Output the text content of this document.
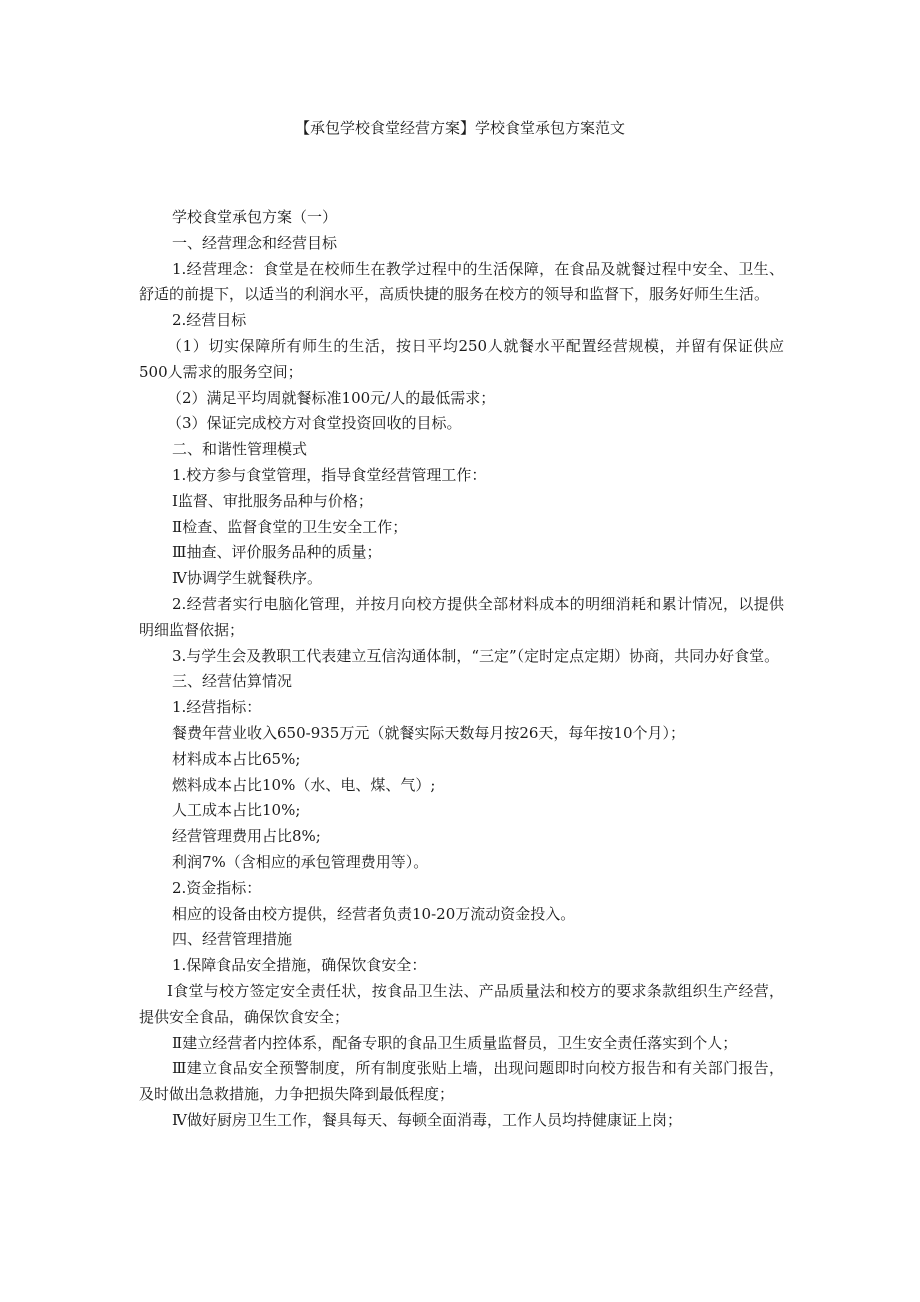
【承包学校食堂经营方案】学校食堂承包方案范文

学校食堂承包方案（一）

一、经营理念和经营目标

1.经营理念：食堂是在校师生在教学过程中的生活保障，在食品及就餐过程中安全、卫生、舒适的前提下，以适当的利润水平，高质快捷的服务在校方的领导和监督下，服务好师生生活。

2.经营目标

（1）切实保障所有师生的生活，按日平均250人就餐水平配置经营规模，并留有保证供应500人需求的服务空间；

（2）满足平均周就餐标准100元/人的最低需求；

（3）保证完成校方对食堂投资回收的目标。

二、和谐性管理模式

1.校方参与食堂管理，指导食堂经营管理工作：

Ⅰ监督、审批服务品种与价格；

Ⅱ检查、监督食堂的卫生安全工作；

Ⅲ抽查、评价服务品种的质量；

Ⅳ协调学生就餐秩序。

2.经营者实行电脑化管理，并按月向校方提供全部材料成本的明细消耗和累计情况，以提供明细监督依据；

3.与学生会及教职工代表建立互信沟通体制，“三定”（定时定点定期）协商，共同办好食堂。

三、经营估算情况

1.经营指标：

餐费年营业收入650-935万元（就餐实际天数每月按26天，每年按10个月）；

材料成本占比65%;

燃料成本占比10%（水、电、煤、气）;

人工成本占比10%;

经营管理费用占比8%;

利润7%（含相应的承包管理费用等）。

2.资金指标：

相应的设备由校方提供，经营者负责10-20万流动资金投入。

四、经营管理措施

1.保障食品安全措施，确保饮食安全：

Ⅰ食堂与校方签定安全责任状，按食品卫生法、产品质量法和校方的要求条款组织生产经营，提供安全食品，确保饮食安全；

Ⅱ建立经营者内控体系，配备专职的食品卫生质量监督员，卫生安全责任落实到个人；

Ⅲ建立食品安全预警制度，所有制度张贴上墙，出现问题即时向校方报告和有关部门报告，及时做出急救措施，力争把损失降到最低程度；

Ⅳ做好厨房卫生工作，餐具每天、每顿全面消毒，工作人员均持健康证上岗；
